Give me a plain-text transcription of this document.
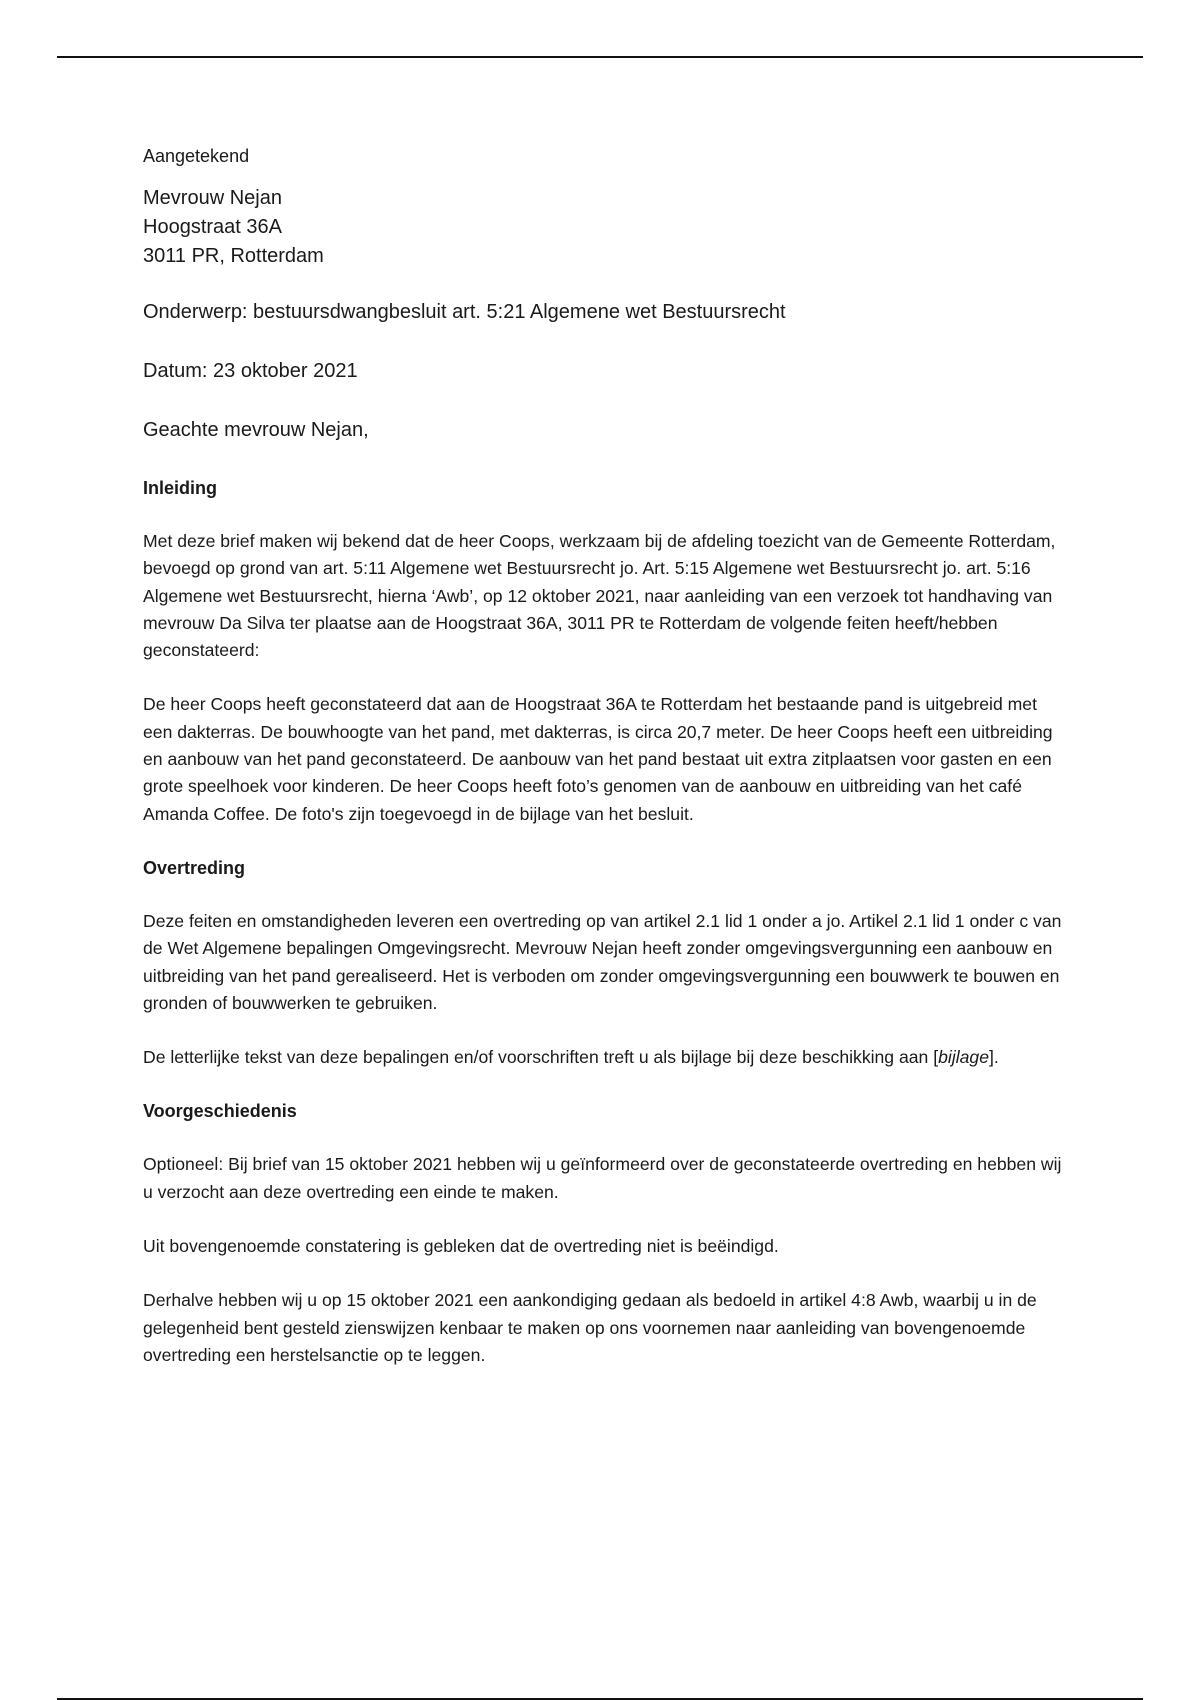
Aangetekend

Mevrouw Nejan
Hoogstraat 36A
3011 PR, Rotterdam

Onderwerp: bestuursdwangbesluit art. 5:21 Algemene wet Bestuursrecht

Datum: 23 oktober 2021

Geachte mevrouw Nejan,

Inleiding

Met deze brief maken wij bekend dat de heer Coops, werkzaam bij de afdeling toezicht van de Gemeente Rotterdam, bevoegd op grond van art. 5:11 Algemene wet Bestuursrecht jo. Art. 5:15 Algemene wet Bestuursrecht jo. art. 5:16 Algemene wet Bestuursrecht, hierna ‘Awb’, op 12 oktober 2021, naar aanleiding van een verzoek tot handhaving van mevrouw Da Silva ter plaatse aan de Hoogstraat 36A, 3011 PR te Rotterdam de volgende feiten heeft/hebben geconstateerd:

De heer Coops heeft geconstateerd dat aan de Hoogstraat 36A te Rotterdam het bestaande pand is uitgebreid met een dakterras. De bouwhoogte van het pand, met dakterras, is circa 20,7 meter. De heer Coops heeft een uitbreiding en aanbouw van het pand geconstateerd. De aanbouw van het pand bestaat uit extra zitplaatsen voor gasten en een grote speelhoek voor kinderen. De heer Coops heeft foto’s genomen van de aanbouw en uitbreiding van het café Amanda Coffee. De foto's zijn toegevoegd in de bijlage van het besluit.

Overtreding

Deze feiten en omstandigheden leveren een overtreding op van artikel 2.1 lid 1 onder a jo. Artikel 2.1 lid 1 onder c van de Wet Algemene bepalingen Omgevingsrecht. Mevrouw Nejan heeft zonder omgevingsvergunning een aanbouw en uitbreiding van het pand gerealiseerd. Het is verboden om zonder omgevingsvergunning een bouwwerk te bouwen en gronden of bouwwerken te gebruiken.

De letterlijke tekst van deze bepalingen en/of voorschriften treft u als bijlage bij deze beschikking aan [bijlage].

Voorgeschiedenis

Optioneel: Bij brief van 15 oktober 2021 hebben wij u geïnformeerd over de geconstateerde overtreding en hebben wij u verzocht aan deze overtreding een einde te maken.

Uit bovengenoemde constatering is gebleken dat de overtreding niet is beëindigd.

Derhalve hebben wij u op 15 oktober 2021 een aankondiging gedaan als bedoeld in artikel 4:8 Awb, waarbij u in de gelegenheid bent gesteld zienswijzen kenbaar te maken op ons voornemen naar aanleiding van bovengenoemde overtreding een herstelsanctie op te leggen.
